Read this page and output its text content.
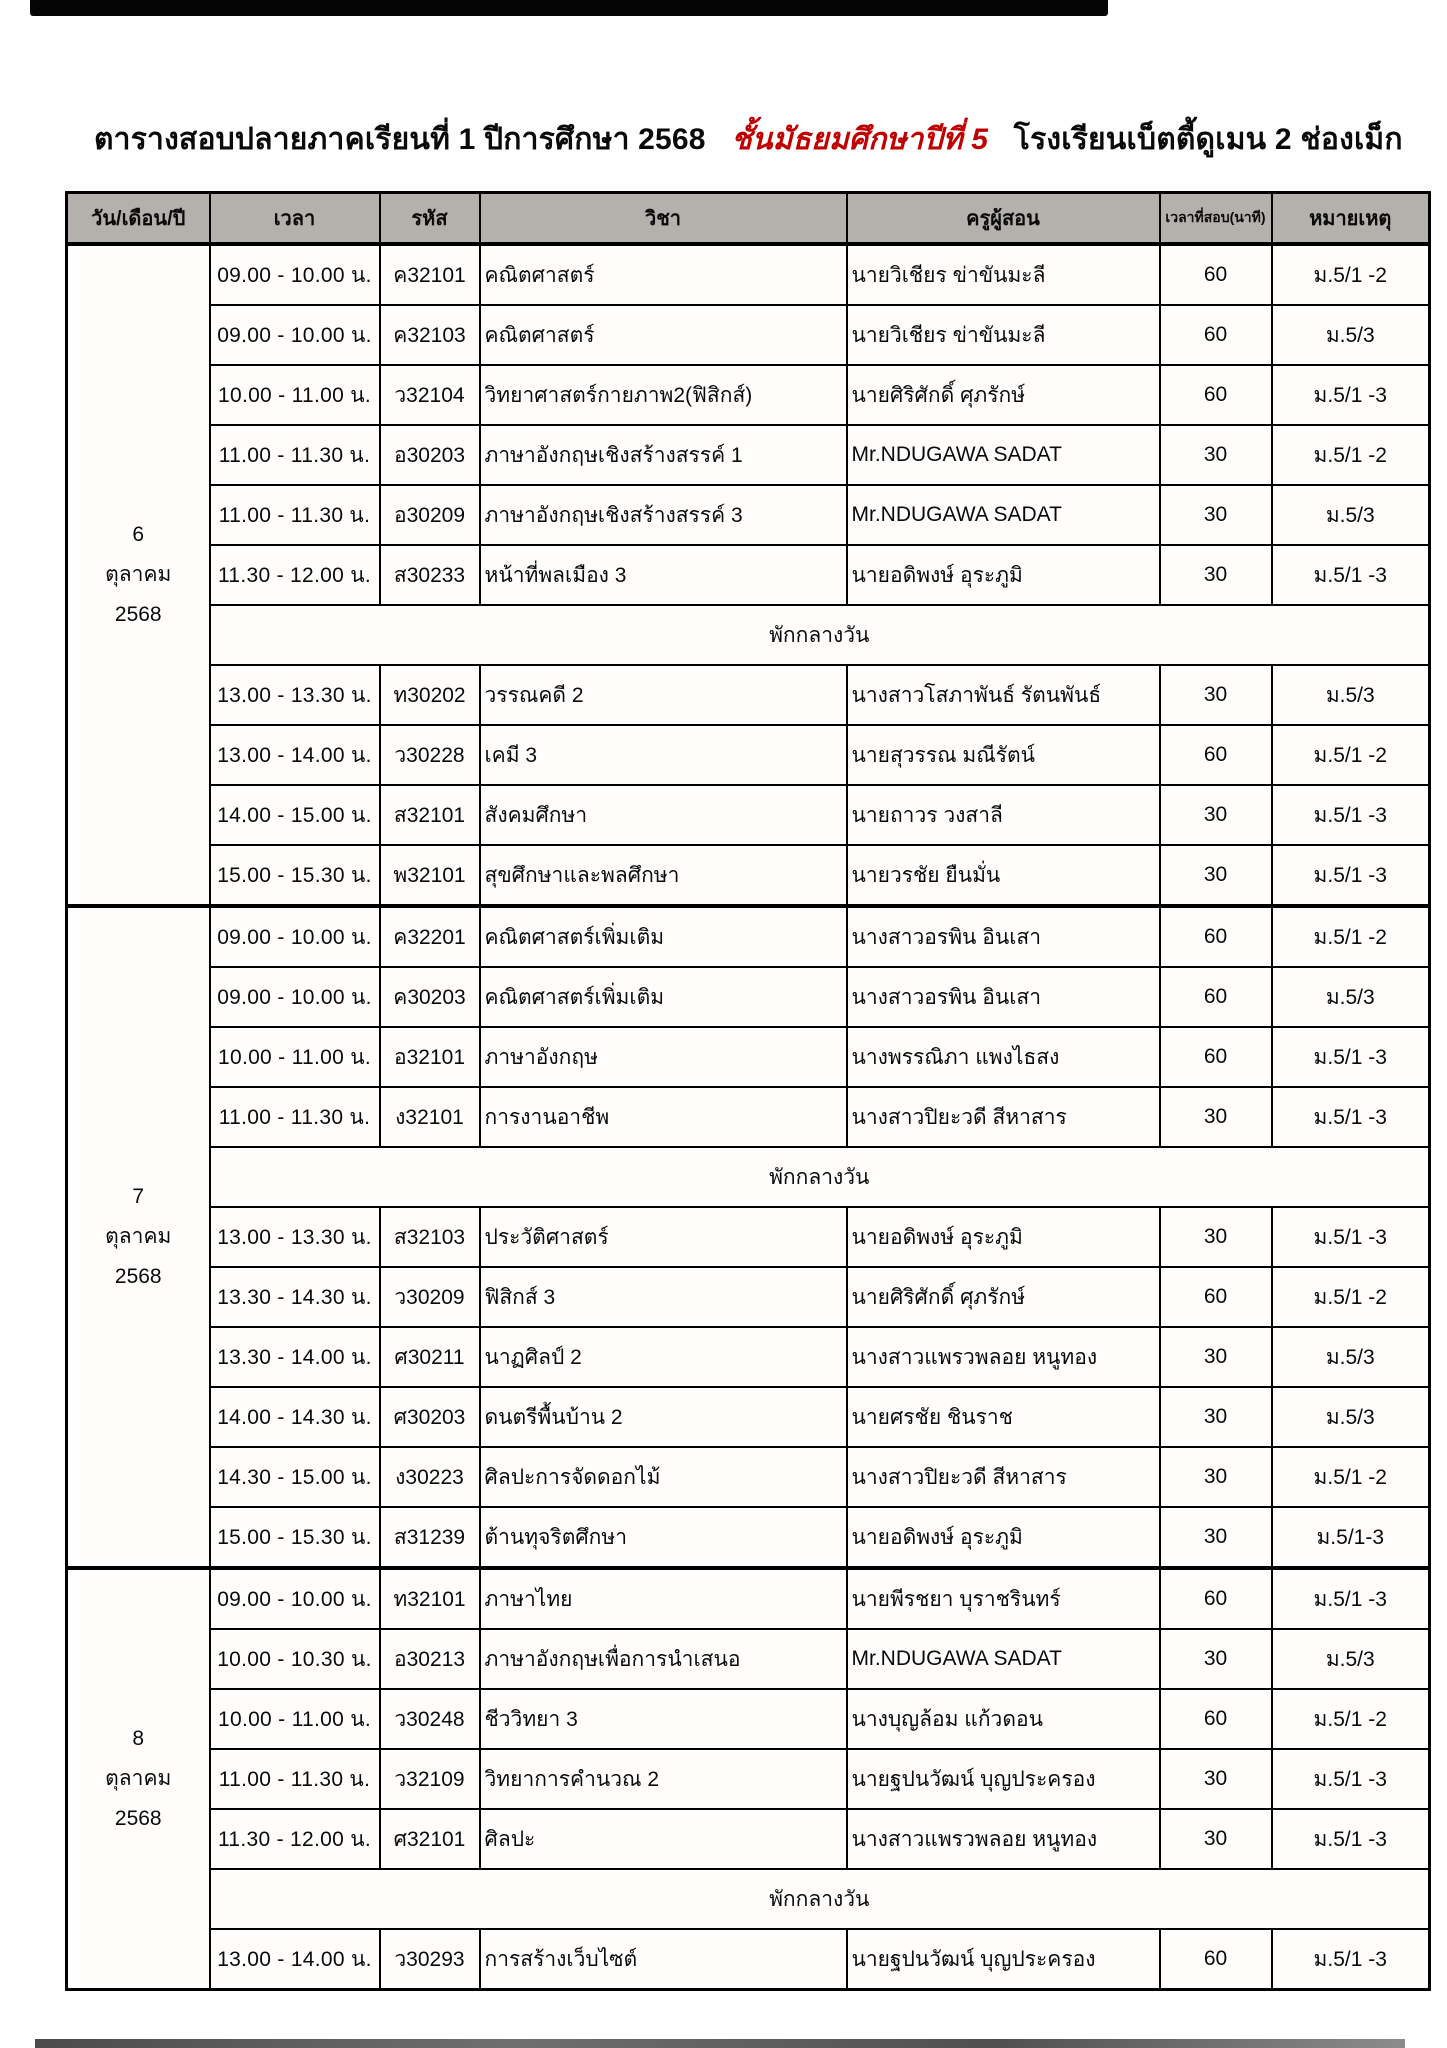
ตารางสอบปลายภาคเรียนที่ 1 ปีการศึกษา 2568 ชั้นมัธยมศึกษาปีที่ 5 โรงเรียนเบ็ตตี้ดูเมน 2 ช่องเม็ก
วัน/เดือน/ปี	เวลา	รหัส	วิชา	ครูผู้สอน	เวลาที่สอบ(นาที)	หมายเหตุ

6
ตุลาคม
2568	09.00 - 10.00 น.	ค32101	คณิตศาสตร์	นายวิเชียร ข่าขันมะลี	60	ม.5/1 -2
	09.00 - 10.00 น.	ค32103	คณิตศาสตร์	นายวิเชียร ข่าขันมะลี	60	ม.5/3
	10.00 - 11.00 น.	ว32104	วิทยาศาสตร์กายภาพ2(ฟิสิกส์)	นายศิริศักดิ์ ศุภรักษ์	60	ม.5/1 -3
	11.00 - 11.30 น.	อ30203	ภาษาอังกฤษเชิงสร้างสรรค์ 1	Mr.NDUGAWA SADAT	30	ม.5/1 -2
	11.00 - 11.30 น.	อ30209	ภาษาอังกฤษเชิงสร้างสรรค์ 3	Mr.NDUGAWA SADAT	30	ม.5/3
	11.30 - 12.00 น.	ส30233	หน้าที่พลเมือง 3	นายอดิพงษ์ อุระภูมิ	30	ม.5/1 -3
	พักกลางวัน					
	13.00 - 13.30 น.	ท30202	วรรณคดี 2	นางสาวโสภาพันธ์ รัตนพันธ์	30	ม.5/3
	13.00 - 14.00 น.	ว30228	เคมี 3	นายสุวรรณ มณีรัตน์	60	ม.5/1 -2
	14.00 - 15.00 น.	ส32101	สังคมศึกษา	นายถาวร วงสาลี	30	ม.5/1 -3
	15.00 - 15.30 น.	พ32101	สุขศึกษาและพลศึกษา	นายวรชัย ยืนมั่น	30	ม.5/1 -3

7
ตุลาคม
2568	09.00 - 10.00 น.	ค32201	คณิตศาสตร์เพิ่มเติม	นางสาวอรพิน อินเสา	60	ม.5/1 -2
	09.00 - 10.00 น.	ค30203	คณิตศาสตร์เพิ่มเติม	นางสาวอรพิน อินเสา	60	ม.5/3
	10.00 - 11.00 น.	อ32101	ภาษาอังกฤษ	นางพรรณิภา แพงไธสง	60	ม.5/1 -3
	11.00 - 11.30 น.	ง32101	การงานอาชีพ	นางสาวปิยะวดี สีหาสาร	30	ม.5/1 -3
	พักกลางวัน					
	13.00 - 13.30 น.	ส32103	ประวัติศาสตร์	นายอดิพงษ์ อุระภูมิ	30	ม.5/1 -3
	13.30 - 14.30 น.	ว30209	ฟิสิกส์ 3	นายศิริศักดิ์ ศุภรักษ์	60	ม.5/1 -2
	13.30 - 14.00 น.	ศ30211	นาฏศิลป์ 2	นางสาวแพรวพลอย หนูทอง	30	ม.5/3
	14.00 - 14.30 น.	ศ30203	ดนตรีพื้นบ้าน 2	นายศรชัย ชินราช	30	ม.5/3
	14.30 - 15.00 น.	ง30223	ศิลปะการจัดดอกไม้	นางสาวปิยะวดี สีหาสาร	30	ม.5/1 -2
	15.00 - 15.30 น.	ส31239	ต้านทุจริตศึกษา	นายอดิพงษ์ อุระภูมิ	30	ม.5/1-3

8
ตุลาคม
2568	09.00 - 10.00 น.	ท32101	ภาษาไทย	นายพีรชยา บุราชรินทร์	60	ม.5/1 -3
	10.00 - 10.30 น.	อ30213	ภาษาอังกฤษเพื่อการนำเสนอ	Mr.NDUGAWA SADAT	30	ม.5/3
	10.00 - 11.00 น.	ว30248	ชีววิทยา 3	นางบุญล้อม แก้วดอน	60	ม.5/1 -2
	11.00 - 11.30 น.	ว32109	วิทยาการคำนวณ 2	นายฐปนวัฒน์ บุญประครอง	30	ม.5/1 -3
	11.30 - 12.00 น.	ศ32101	ศิลปะ	นางสาวแพรวพลอย หนูทอง	30	ม.5/1 -3
	พักกลางวัน					
	13.00 - 14.00 น.	ว30293	การสร้างเว็บไซต์	นายฐปนวัฒน์ บุญประครอง	60	ม.5/1 -3
